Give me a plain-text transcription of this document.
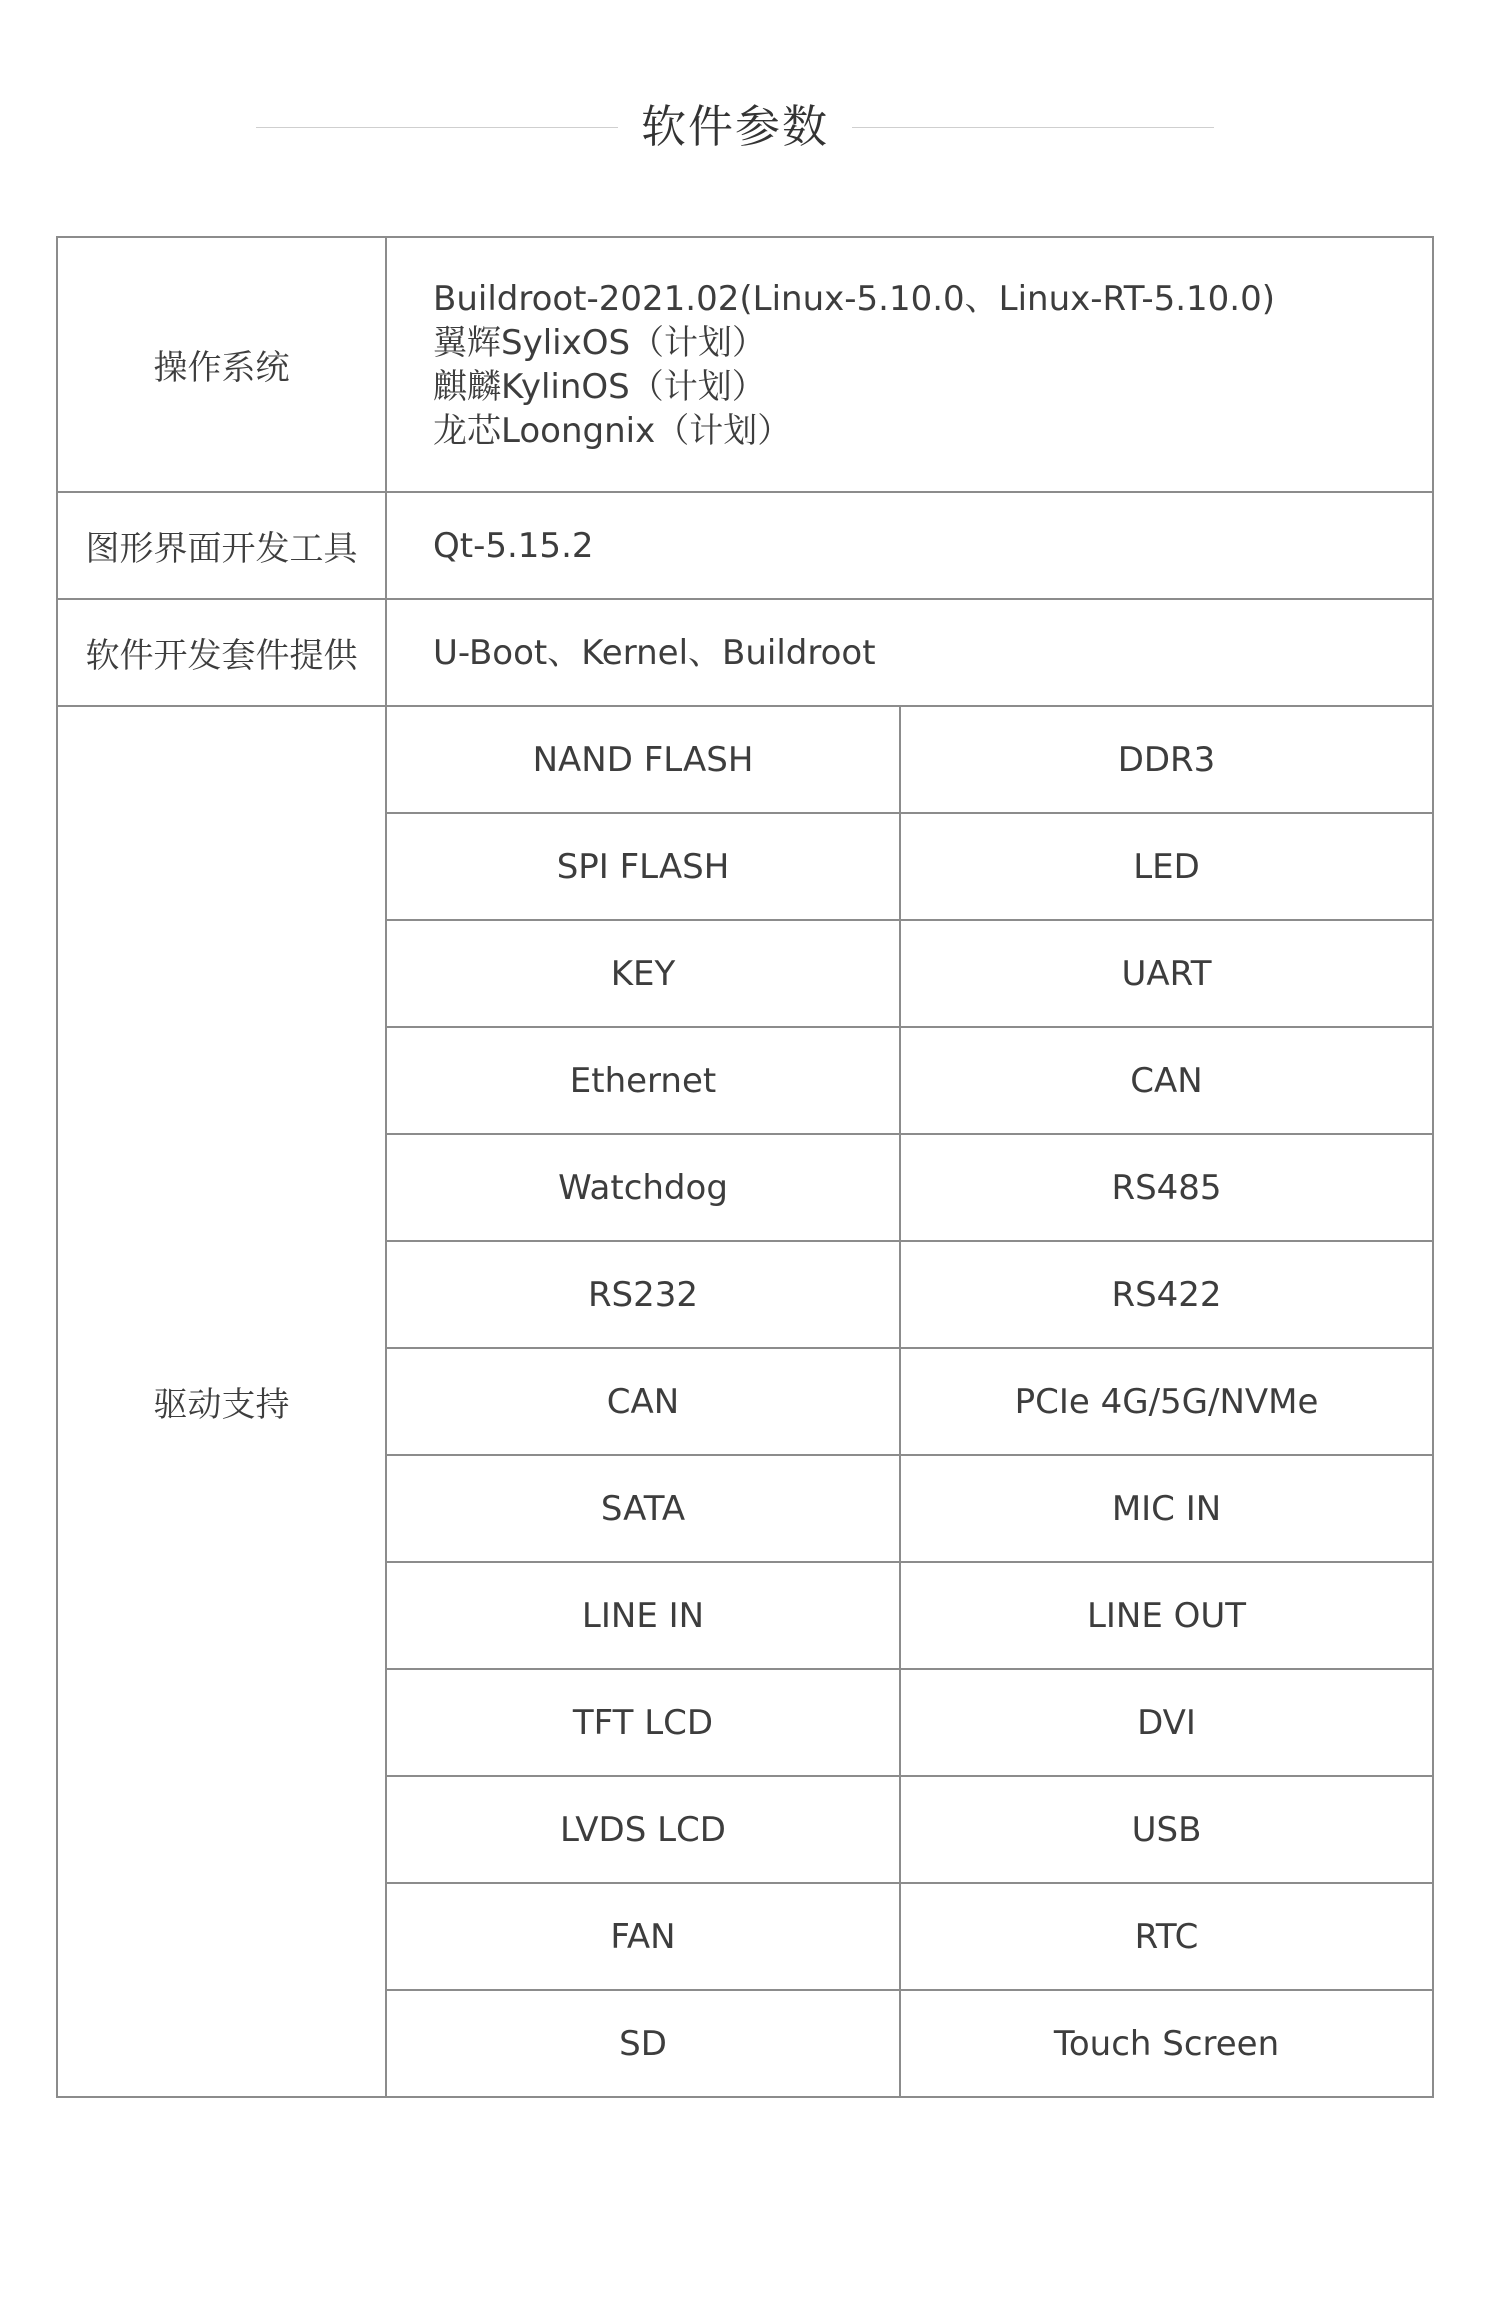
软件参数
操作系统	Buildroot-2021.02(Linux-5.10.0、Linux-RT-5.10.0)
翼辉SylixOS（计划）
麒麟KylinOS（计划）
龙芯Loongnix（计划）	

图形界面开发工具	Qt-5.15.2	
软件开发套件提供	U-Boot、Kernel、Buildroot	
驱动支持	NAND FLASH	DDR3
	SPI FLASH	LED
	KEY	UART
	Ethernet	CAN
	Watchdog	RS485
	RS232	RS422
	CAN	PCIe 4G/5G/NVMe
	SATA	MIC IN
	LINE IN	LINE OUT
	TFT LCD	DVI
	LVDS LCD	USB
	FAN	RTC
	SD	Touch Screen
